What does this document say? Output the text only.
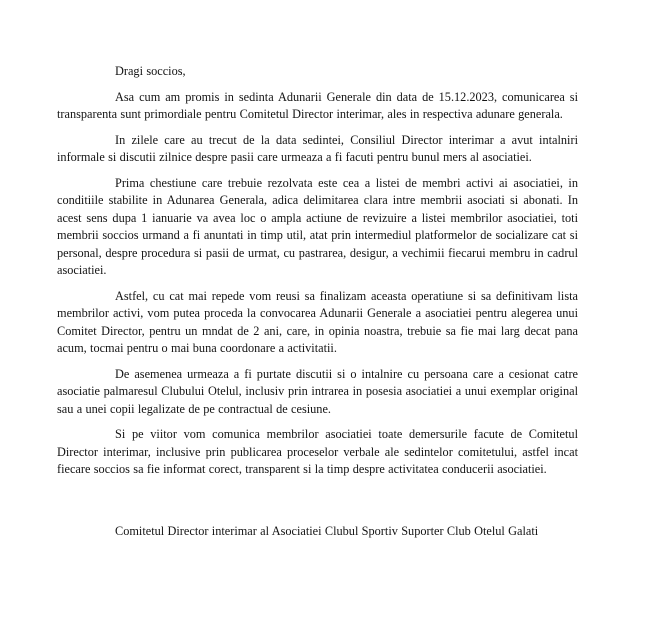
Dragi soccios,

Asa cum am promis in sedinta Adunarii Generale din data de 15.12.2023, comunicarea si transparenta sunt primordiale pentru Comitetul Director interimar, ales in respectiva adunare generala.

In zilele care au trecut de la data sedintei, Consiliul Director interimar a avut intalniri informale si discutii zilnice despre pasii care urmeaza a fi facuti pentru bunul mers al asociatiei.

Prima chestiune care trebuie rezolvata este cea a listei de membri activi ai asociatiei, in conditiile stabilite in Adunarea Generala, adica delimitarea clara intre membrii asociati si abonati. In acest sens dupa 1 ianuarie va avea loc o ampla actiune de revizuire a listei membrilor asociatiei, toti membrii soccios urmand a fi anuntati in timp util, atat prin intermediul platformelor de socializare cat si personal, despre procedura si pasii de urmat, cu pastrarea, desigur, a vechimii fiecarui membru in cadrul asociatiei.

Astfel, cu cat mai repede vom reusi sa finalizam aceasta operatiune si sa definitivam lista membrilor activi, vom putea proceda la convocarea Adunarii Generale a asociatiei pentru alegerea unui Comitet Director, pentru un mndat de 2 ani, care, in opinia noastra, trebuie sa fie mai larg decat pana acum, tocmai pentru o mai buna coordonare a activitatii.

De asemenea urmeaza a fi purtate discutii si o intalnire cu persoana care a cesionat catre asociatie palmaresul Clubului Otelul, inclusiv prin intrarea in posesia asociatiei a unui exemplar original sau a unei copii legalizate de pe contractual de cesiune.

Si pe viitor vom comunica membrilor asociatiei toate demersurile facute de Comitetul Director interimar, inclusive prin publicarea proceselor verbale ale sedintelor comitetului, astfel incat fiecare soccios sa fie informat corect, transparent si la timp despre activitatea conducerii asociatiei.

Comitetul Director interimar al Asociatiei Clubul Sportiv Suporter Club Otelul Galati
